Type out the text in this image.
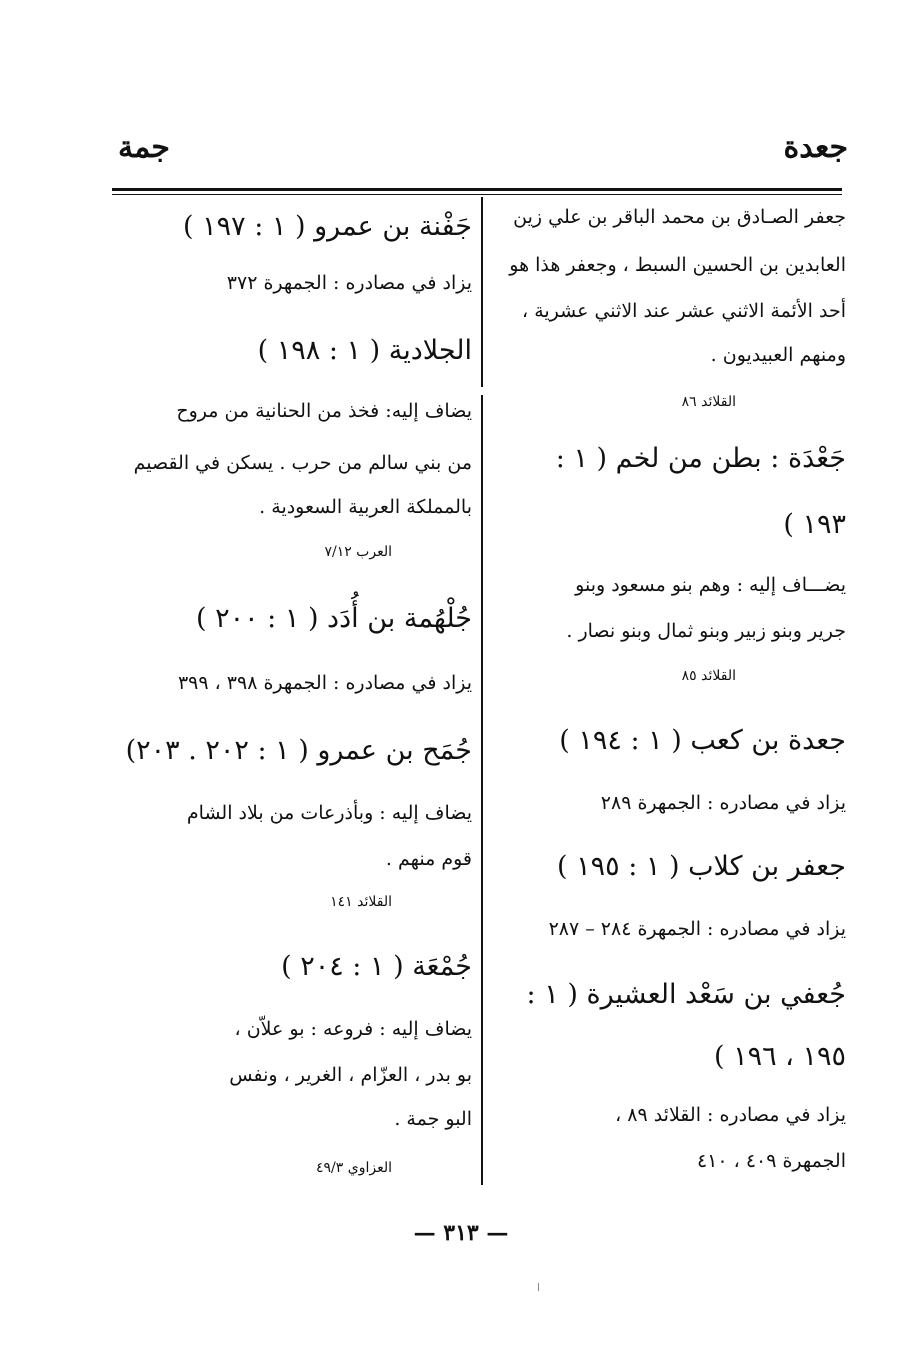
جعدة
جمة
جعفر الصـادق بن محمد الباقر بن علي زين
العابدين بن الحسين السبط ، وجعفر هذا هو
أحد الأئمة الاثني عشر عند الاثني عشرية ،
ومنهم العبيديون .
القلائد ٨٦
جَعْدَة : بطن من لخم ( ١ :
١٩٣ )
يضـــاف إليه : وهم بنو مسعود وبنو
جرير وبنو زبير وبنو ثمال وبنو نصار .
القلائد ٨٥
جعدة بن كعب ( ١ : ١٩٤ )
يزاد في مصادره : الجمهرة ٢٨٩
جعفر بن كلاب ( ١ : ١٩٥ )
يزاد في مصادره : الجمهرة ٢٨٤ – ٢٨٧
جُعفي بن سَعْد العشيرة ( ١ :
١٩٥ ، ١٩٦ )
يزاد في مصادره : القلائد ٨٩ ،
الجمهرة ٤٠٩ ، ٤١٠
جَفْنة بن عمرو ( ١ : ١٩٧ )
يزاد في مصادره : الجمهرة ٣٧٢
الجلادية ( ١ : ١٩٨ )
يضاف إليه: فخذ من الحنانية من مروح
من بني سالم من حرب . يسكن في القصيم
بالمملكة العربية السعودية .
العرب ٧/١٢
جُلْهُمة بن أُدَد ( ١ : ٢٠٠ )
يزاد في مصادره : الجمهرة ٣٩٨ ، ٣٩٩
جُمَح بن عمرو ( ١ : ٢٠٢ . ٢٠٣)
يضاف إليه : وبأذرعات من بلاد الشام
قوم منهم .
القلائد ١٤١
جُمْعَة ( ١ : ٢٠٤ )
يضاف إليه : فروعه : بو علاّن ،
بو بدر ، العزّام ، الغرير ، ونفس
البو جمة .
العزاوي ٤٩/٣
— ٣١٣ —
